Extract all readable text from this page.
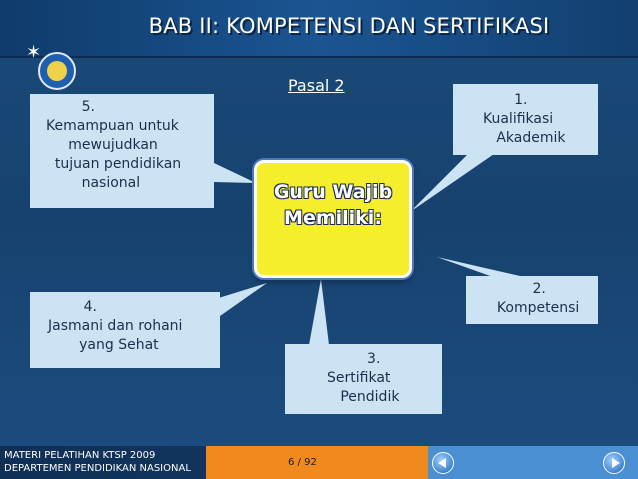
BAB II: KOMPETENSI DAN SERTIFIKASI
✶
Pasal 2
5.
Kemampuan untuk
mewujudkan
tujuan pendidikan
nasional
1.
Kualifikasi
Akademik
2.
Kompetensi
3.
Sertifikat
Pendidik
4.
Jasmani dan rohani
yang Sehat
Guru Wajib
Memiliki:
MATERI PELATIHAN KTSP 2009
DEPARTEMEN PENDIDIKAN NASIONAL
6 / 92
